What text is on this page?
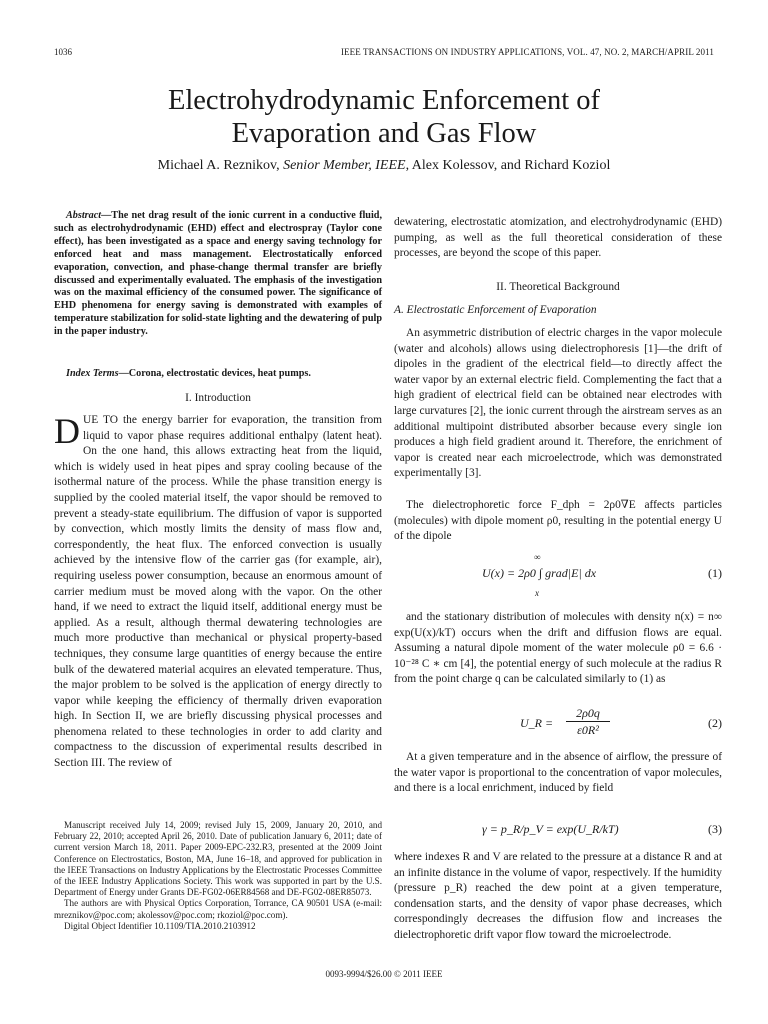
1036	IEEE TRANSACTIONS ON INDUSTRY APPLICATIONS, VOL. 47, NO. 2, MARCH/APRIL 2011
Electrohydrodynamic Enforcement of
Evaporation and Gas Flow
Michael A. Reznikov, Senior Member, IEEE, Alex Kolessov, and Richard Koziol
Abstract—The net drag result of the ionic current in a conductive fluid, such as electrohydrodynamic (EHD) effect and electrospray (Taylor cone effect), has been investigated as a space and energy saving technology for enforced heat and mass management. Electrostatically enforced evaporation, convection, and phase-change thermal transfer are briefly discussed and experimentally evaluated. The emphasis of the investigation was on the maximal efficiency of the consumed power. The significance of EHD phenomena for energy saving is demonstrated with examples of temperature stabilization for solid-state lighting and the dewatering of pulp in the paper industry.
Index Terms—Corona, electrostatic devices, heat pumps.
I. Introduction
DUE TO the energy barrier for evaporation, the transition from liquid to vapor phase requires additional enthalpy (latent heat). On the one hand, this allows extracting heat from the liquid, which is widely used in heat pipes and spray cooling because of the isothermal nature of the process. While the phase transition energy is supplied by the cooled material itself, the vapor should be removed to prevent a steady-state equilibrium. The diffusion of vapor is supported by convection, which mostly limits the density of mass flow and, correspondently, the heat flux. The enforced convection is usually achieved by the intensive flow of the carrier gas (for example, air), requiring useless power consumption, because an enormous amount of carrier medium must be moved along with the vapor. On the other hand, if we need to extract the liquid itself, additional energy must be applied. As a result, although thermal dewatering technologies are much more productive than mechanical or physical property-based techniques, they consume large quantities of energy because the entire bulk of the dewatered material acquires an elevated temperature. Thus, the major problem to be solved is the application of energy directly to vapor while keeping the efficiency of thermally driven evaporation high. In Section II, we are briefly discussing physical processes and phenomena related to these technologies in order to add clarity and compactness to the discussion of experimental results described in Section III. The review of

Manuscript received July 14, 2009; revised July 15, 2009, January 20, 2010, and February 22, 2010; accepted April 26, 2010. Date of publication January 6, 2011; date of current version March 18, 2011. Paper 2009-EPC-232.R3, presented at the 2009 Joint Conference on Electrostatics, Boston, MA, June 16–18, and approved for publication in the IEEE Transactions on Industry Applications by the Electrostatic Processes Committee of the IEEE Industry Applications Society. This work was supported in part by the U.S. Department of Energy under Grants DE-FG02-06ER84568 and DE-FG02-08ER85073.

The authors are with Physical Optics Corporation, Torrance, CA 90501 USA (e-mail: mreznikov@poc.com; akolessov@poc.com; rkoziol@poc.com).

Digital Object Identifier 10.1109/TIA.2010.2103912

dewatering, electrostatic atomization, and electrohydrodynamic (EHD) pumping, as well as the full theoretical consideration of these processes, are beyond the scope of this paper.
II. Theoretical Background
A. Electrostatic Enforcement of Evaporation
An asymmetric distribution of electric charges in the vapor molecule (water and alcohols) allows using dielectrophoresis [1]—the drift of dipoles in the gradient of the electrical field—to directly affect the water vapor by an external electric field. Complementing the fact that a high gradient of electrical field can be obtained near electrodes with large curvatures [2], the ionic current through the airstream serves as an additional multipoint distributed absorber because every single ion produces a high field gradient around it. Therefore, the enrichment of vapor is created near each microelectrode, which was demonstrated experimentally [3].
The dielectrophoretic force F_dph = 2ρ0∇E affects particles (molecules) with dipole moment ρ0, resulting in the potential energy U of the dipole
∞
U(x) = 2ρ0 ∫ grad|E| dx
x
(1)
and the stationary distribution of molecules with density n(x) = n∞ exp(U(x)/kT) occurs when the drift and diffusion flows are equal. Assuming a natural dipole moment of the water molecule ρ0 = 6.6 · 10⁻²⁸ C ∗ cm [4], the potential energy of such molecule at the radius R from the point charge q can be calculated similarly to (1) as
U_R =
2ρ0q
ε0R²	(2)
At a given temperature and in the absence of airflow, the pressure of the water vapor is proportional to the concentration of vapor molecules, and there is a local enrichment, induced by field
γ = p_R/p_V = exp(U_R/kT)	(3)
where indexes R and V are related to the pressure at a distance R and at an infinite distance in the volume of vapor, respectively. If the humidity (pressure p_R) reached the dew point at a given temperature, condensation starts, and the density of vapor phase decreases, which correspondingly decreases the diffusion flow and increases the dielectrophoretic drift vapor flow toward the microelectrode.
0093-9994/$26.00 © 2011 IEEE
